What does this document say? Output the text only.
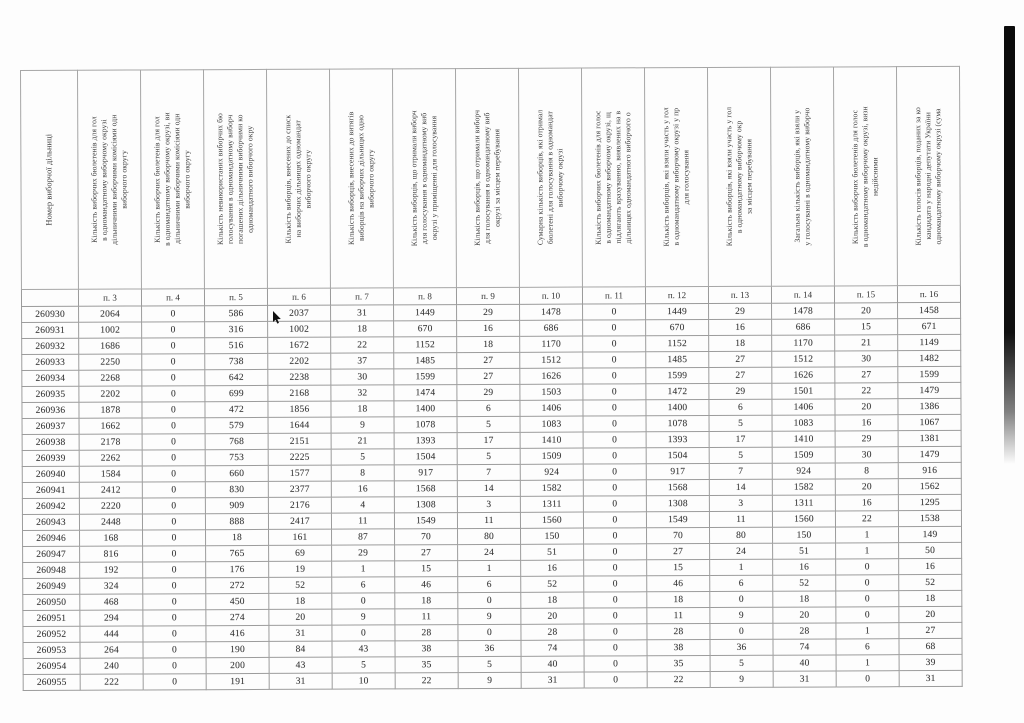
Номер виборчої дільниці	Кількість виборчих бюлетенів для гол
в одномандатному виборчому окрузі
дільничними виборчими комісіями одн
виборчого округу	Кількість виборчих бюлетенів для гол
в одномандатному виборчому окрузі, ви
дільничними виборчими комісіями одн
виборчого округу	Кількість невикористаних виборчих бю
голосування в одномандатному виборч
погашених дільничними виборчими ко
одномандатного виборчого окру	Кількість виборців, внесених до списк
на виборчих дільницях одномандат
виборчого округу	Кількість виборців, внесених до витягів
виборців на виборчих дільницях одно
виборчого округу	Кількість виборців, що отримали виборч
для голосування в одномандатному виб
окрузі у приміщенні для голосування	Кількість виборців, що отримали виборч
для голосування в одномандатному виб
окрузі за місцем перебування	Сумарна кількість виборців, які отримал
бюлетені для голосування в одномандат
виборчому окрузі	Кількість виборчих бюлетенів для голос
в одномандатному виборчому окрузі, щ
підлягають врахуванню, виявлених на в
дільницях одномандатного виборчого о	Кількість виборців, які взяли участь у гол
в одномандатному виборчому окрузі у пр
для голосування	Кількість виборців, які взяли участь у гол
в одномандатному виборчому окр
за місцем перебування	Загальна кількість виборців, які взяли у
у голосуванні в одномандатному виборчо	Кількість виборчих бюлетенів для голос
в одномандатному виборчому окрузі, визн
недійсними	Кількість голосів виборців, поданих за ко
кандидата у народні депутати України
одномандатному виборчому окрузі (сума

	п. 3	п. 4	п. 5	п. 6	п. 7	п. 8	п. 9	п. 10	п. 11	п. 12	п. 13	п. 14	п. 15	п. 16
260930	2064	0	586	2037	31	1449	29	1478	0	1449	29	1478	20	1458
260931	1002	0	316	1002	18	670	16	686	0	670	16	686	15	671
260932	1686	0	516	1672	22	1152	18	1170	0	1152	18	1170	21	1149
260933	2250	0	738	2202	37	1485	27	1512	0	1485	27	1512	30	1482
260934	2268	0	642	2238	30	1599	27	1626	0	1599	27	1626	27	1599
260935	2202	0	699	2168	32	1474	29	1503	0	1472	29	1501	22	1479
260936	1878	0	472	1856	18	1400	6	1406	0	1400	6	1406	20	1386
260937	1662	0	579	1644	9	1078	5	1083	0	1078	5	1083	16	1067
260938	2178	0	768	2151	21	1393	17	1410	0	1393	17	1410	29	1381
260939	2262	0	753	2225	5	1504	5	1509	0	1504	5	1509	30	1479
260940	1584	0	660	1577	8	917	7	924	0	917	7	924	8	916
260941	2412	0	830	2377	16	1568	14	1582	0	1568	14	1582	20	1562
260942	2220	0	909	2176	4	1308	3	1311	0	1308	3	1311	16	1295
260943	2448	0	888	2417	11	1549	11	1560	0	1549	11	1560	22	1538
260946	168	0	18	161	87	70	80	150	0	70	80	150	1	149
260947	816	0	765	69	29	27	24	51	0	27	24	51	1	50
260948	192	0	176	19	1	15	1	16	0	15	1	16	0	16
260949	324	0	272	52	6	46	6	52	0	46	6	52	0	52
260950	468	0	450	18	0	18	0	18	0	18	0	18	0	18
260951	294	0	274	20	9	11	9	20	0	11	9	20	0	20
260952	444	0	416	31	0	28	0	28	0	28	0	28	1	27
260953	264	0	190	84	43	38	36	74	0	38	36	74	6	68
260954	240	0	200	43	5	35	5	40	0	35	5	40	1	39
260955	222	0	191	31	10	22	9	31	0	22	9	31	0	31
